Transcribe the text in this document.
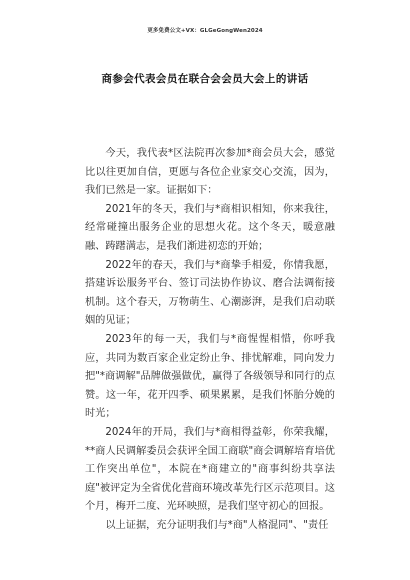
更多免费公文+VX：GLGeGongWen2024
商参会代表会员在联合会会员大会上的讲话

今天，我代表*区法院再次参加*商会员大会，感觉比以往更加自信，更愿与各位企业家交心交流，因为，我们已然是一家。证据如下：

2021年的冬天，我们与*商相识相知，你来我往，经常碰撞出服务企业的思想火花。这个冬天，暖意融融、踌躇满志，是我们渐进初恋的开始；

2022年的春天，我们与*商挚手相爱，你情我愿，搭建诉讼服务平台、签订司法协作协议、磨合法调衔接机制。这个春天，万物萌生、心潮澎湃，是我们启动联姻的见证；

2023年的每一天，我们与*商惺惺相惜，你呼我应，共同为数百家企业定纷止争、排忧解难，同向发力把"*商调解"品牌做强做优，赢得了各级领导和同行的点赞。这一年，花开四季、硕果累累，是我们怀胎分娩的时光；

2024年的开局，我们与*商相得益彰，你荣我耀，**商人民调解委员会获评全国工商联"商会调解培育培优工作突出单位"，本院在*商建立的"商事纠纷共享法庭"被评定为全省优化营商环境改革先行区示范项目。这个月，梅开二度、光环映照，是我们坚守初心的回报。

以上证据，充分证明我们与*商"人格混同"、"责任
